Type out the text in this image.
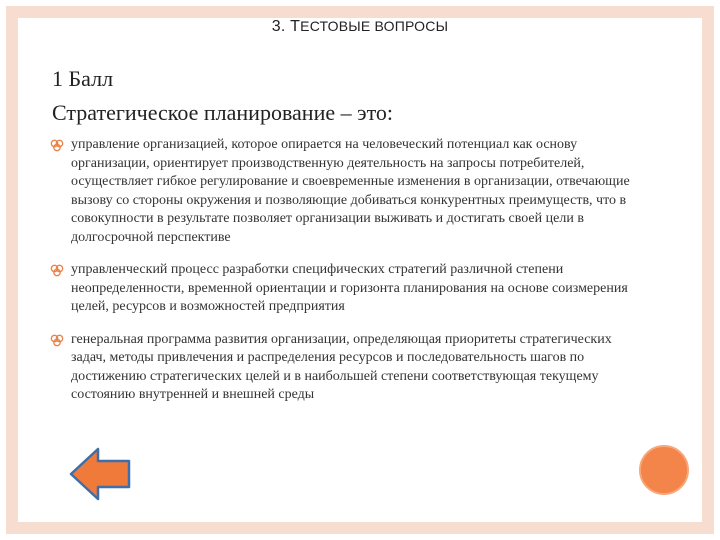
3. ТЕСТОВЫЕ ВОПРОСЫ
1 Балл
Стратегическое планирование – это:
управление организацией, которое опирается на человеческий потенциал как основу организации, ориентирует производственную деятельность на запросы потребителей, осуществляет гибкое регулирование и своевременные изменения в организации, отвечающие вызову со стороны окружения и позволяющие добиваться конкурентных преимуществ, что в совокупности в результате позволяет организации выживать и достигать своей цели в долгосрочной перспективе
управленческий процесс разработки специфических стратегий различной степени неопределенности, временной ориентации и горизонта планирования на основе соизмерения целей, ресурсов и возможностей предприятия
генеральная программа развития организации, определяющая приоритеты стратегических задач, методы привлечения и распределения ресурсов и последовательность шагов по достижению стратегических целей и в наибольшей степени соответствующая текущему состоянию внутренней и внешней среды
